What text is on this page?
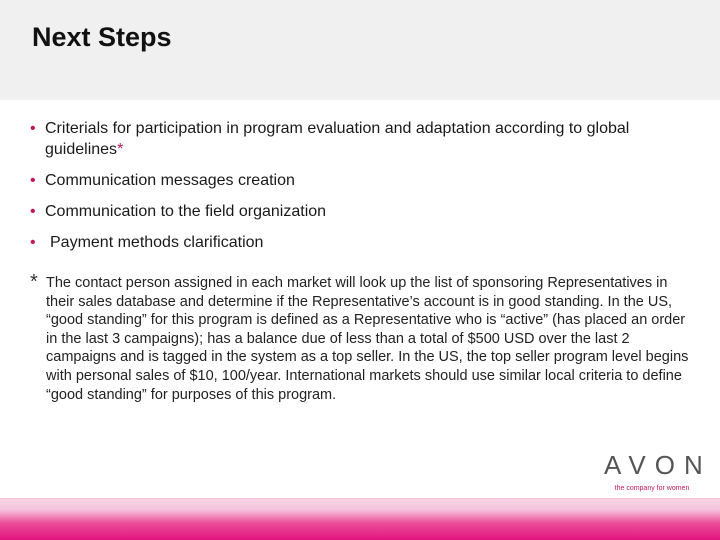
Next Steps
• Criterials for participation in program evaluation and adaptation according to global guidelines*
• Communication messages creation
• Communication to the field organization
• Payment methods clarification
* The contact person assigned in each market will look up the list of sponsoring Representatives in their sales database and determine if the Representative’s account is in good standing. In the US, “good standing” for this program is defined as a Representative who is “active” (has placed an order in the last 3 campaigns); has a balance due of less than a total of $500 USD over the last 2 campaigns and is tagged in the system as a top seller. In the US, the top seller program level begins with personal sales of $10, 100/year. International markets should use similar local criteria to define “good standing” for purposes of this program.
AVON
the company for women
